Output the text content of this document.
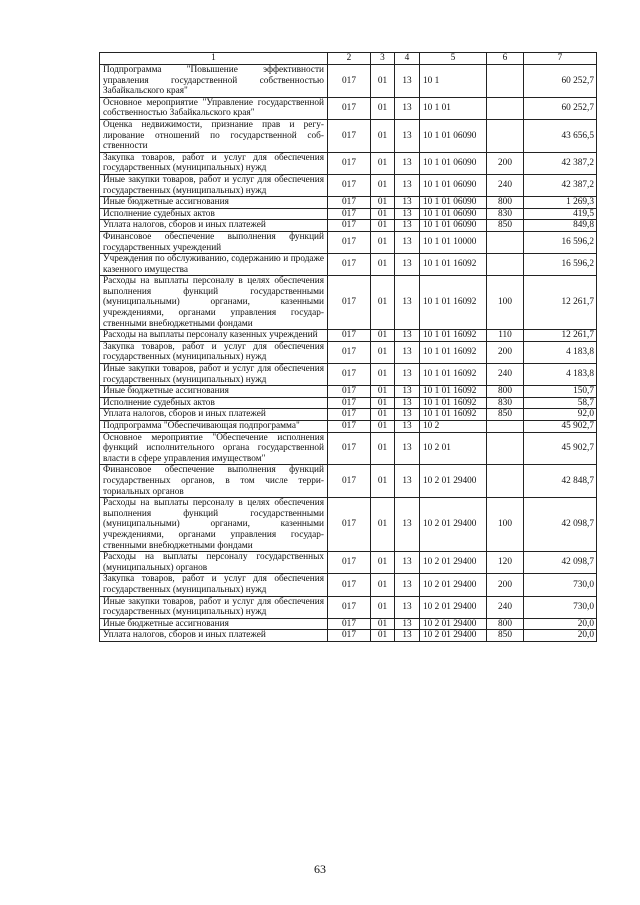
1	2	3	4	5	6	7
Подпрограмма "Повышение эффективности управления государственной собственностью Забайкальского края"	017	01	13	10 1		60 252,7
Основное мероприятие "Управление государственной собственностью Забайкальского края"	017	01	13	10 1 01		60 252,7
Оценка недвижимости, признание прав и регулирование отношений по государственной собственности	017	01	13	10 1 01 06090		43 656,5
Закупка товаров, работ и услуг для обеспечения государственных (муниципальных) нужд	017	01	13	10 1 01 06090	200	42 387,2
Иные закупки товаров, работ и услуг для обеспечения государственных (муниципальных) нужд	017	01	13	10 1 01 06090	240	42 387,2
Иные бюджетные ассигнования	017	01	13	10 1 01 06090	800	1 269,3
Исполнение судебных актов	017	01	13	10 1 01 06090	830	419,5
Уплата налогов, сборов и иных платежей	017	01	13	10 1 01 06090	850	849,8
Финансовое обеспечение выполнения функций государственных учреждений	017	01	13	10 1 01 10000		16 596,2
Учреждения по обслуживанию, содержанию и продаже казенного имущества	017	01	13	10 1 01 16092		16 596,2
Расходы на выплаты персоналу в целях обеспечения выполнения функций государственными (муниципальными) органами, казенными учреждениями, органами управления государственными внебюджетными фондами	017	01	13	10 1 01 16092	100	12 261,7
Расходы на выплаты персоналу казенных учреждений	017	01	13	10 1 01 16092	110	12 261,7
Закупка товаров, работ и услуг для обеспечения государственных (муниципальных) нужд	017	01	13	10 1 01 16092	200	4 183,8
Иные закупки товаров, работ и услуг для обеспечения государственных (муниципальных) нужд	017	01	13	10 1 01 16092	240	4 183,8
Иные бюджетные ассигнования	017	01	13	10 1 01 16092	800	150,7
Исполнение судебных актов	017	01	13	10 1 01 16092	830	58,7
Уплата налогов, сборов и иных платежей	017	01	13	10 1 01 16092	850	92,0
Подпрограмма "Обеспечивающая подпрограмма"	017	01	13	10 2		45 902,7
Основное мероприятие "Обеспечение исполнения функций исполнительного органа государственной власти в сфере управления имуществом"	017	01	13	10 2 01		45 902,7
Финансовое обеспечение выполнения функций государственных органов, в том числе территориальных органов	017	01	13	10 2 01 29400		42 848,7
Расходы на выплаты персоналу в целях обеспечения выполнения функций государственными (муниципальными) органами, казенными учреждениями, органами управления государственными внебюджетными фондами	017	01	13	10 2 01 29400	100	42 098,7
Расходы на выплаты персоналу государственных (муниципальных) органов	017	01	13	10 2 01 29400	120	42 098,7
Закупка товаров, работ и услуг для обеспечения государственных (муниципальных) нужд	017	01	13	10 2 01 29400	200	730,0
Иные закупки товаров, работ и услуг для обеспечения государственных (муниципальных) нужд	017	01	13	10 2 01 29400	240	730,0
Иные бюджетные ассигнования	017	01	13	10 2 01 29400	800	20,0
Уплата налогов, сборов и иных платежей	017	01	13	10 2 01 29400	850	20,0
63
